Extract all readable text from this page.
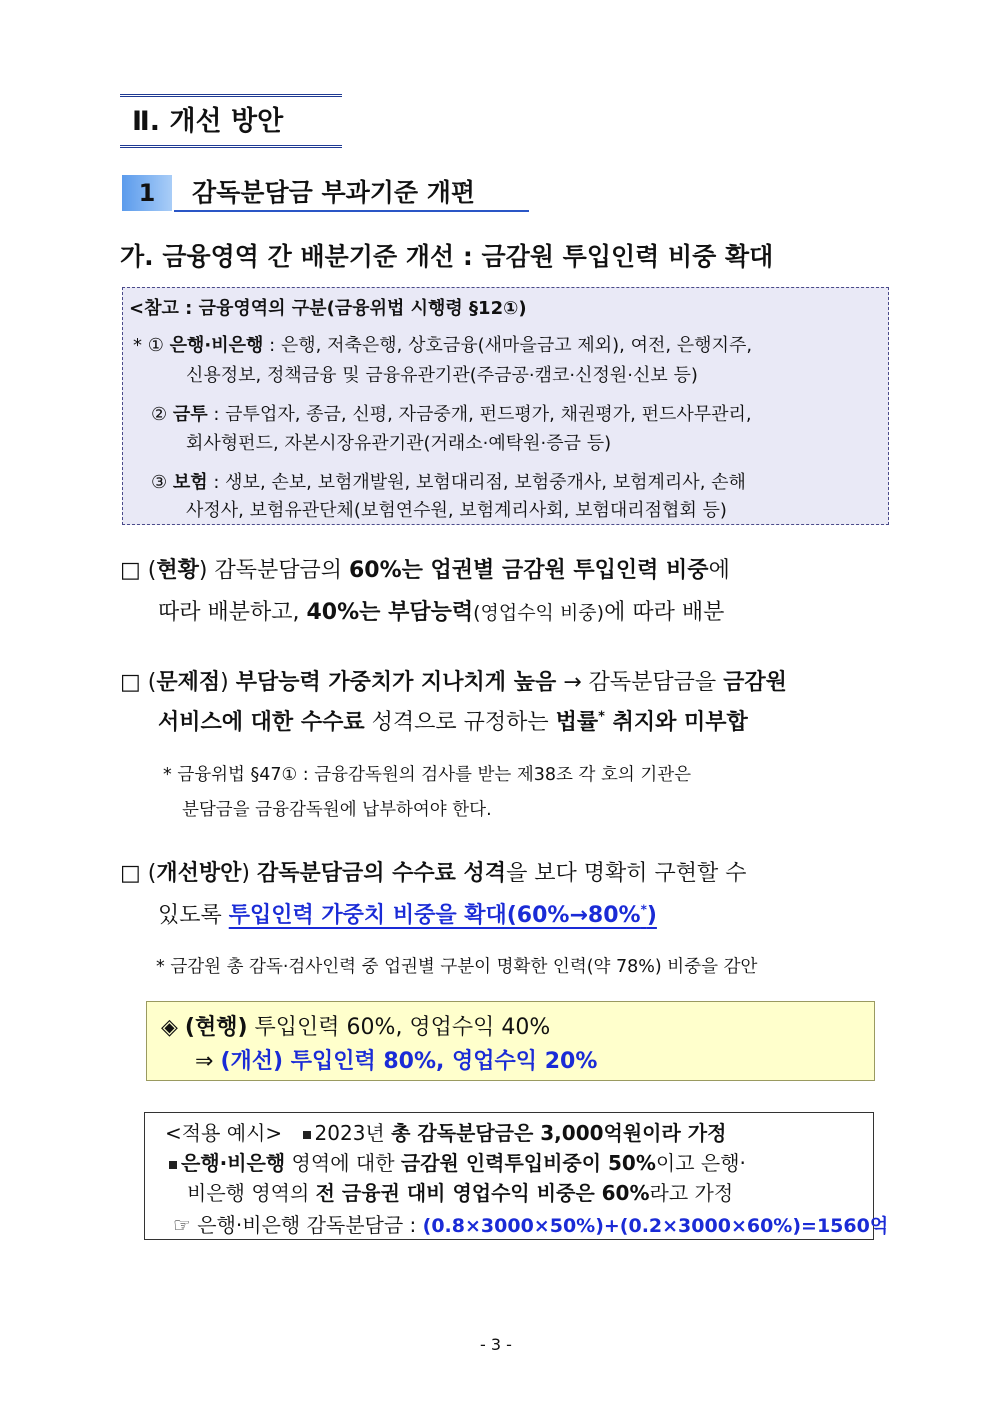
Ⅱ. 개선 방안
1	감독분담금 부과기준 개편
가. 금융영역 간 배분기준 개선 : 금감원 투입인력 비중 확대
<참고 : 금융영역의 구분(금융위법 시행령 §12①)
* ① 은행·비은행 : 은행, 저축은행, 상호금융(새마을금고 제외), 여전, 은행지주,
신용정보, 정책금융 및 금융유관기관(주금공·캠코·신정원·신보 등)
② 금투 : 금투업자, 종금, 신평, 자금중개, 펀드평가, 채권평가, 펀드사무관리,
회사형펀드, 자본시장유관기관(거래소·예탁원·증금 등)
③ 보험 : 생보, 손보, 보험개발원, 보험대리점, 보험중개사, 보험계리사, 손해
사정사, 보험유관단체(보험연수원, 보험계리사회, 보험대리점협회 등)
□ (현황) 감독분담금의 60%는 업권별 금감원 투입인력 비중에
따라 배분하고, 40%는 부담능력(영업수익 비중)에 따라 배분
□ (문제점) 부담능력 가중치가 지나치게 높음 → 감독분담금을 금감원
서비스에 대한 수수료 성격으로 규정하는 법률* 취지와 미부합
* 금융위법 §47① : 금융감독원의 검사를 받는 제38조 각 호의 기관은
분담금을 금융감독원에 납부하여야 한다.
□ (개선방안) 감독분담금의 수수료 성격을 보다 명확히 구현할 수
있도록 투입인력 가중치 비중을 확대(60%→80%*)
* 금감원 총 감독·검사인력 중 업권별 구분이 명확한 인력(약 78%) 비중을 감안
◈ (현행) 투입인력 60%, 영업수익 40%
⇒ (개선) 투입인력 80%, 영업수익 20%
<적용 예시> 2023년 총 감독분담금은 3,000억원이라 가정
은행·비은행 영역에 대한 금감원 인력투입비중이 50%이고 은행·
비은행 영역의 전 금융권 대비 영업수익 비중은 60%라고 가정
☞ 은행·비은행 감독분담금 : (0.8×3000×50%)+(0.2×3000×60%)=1560억
- 3 -
